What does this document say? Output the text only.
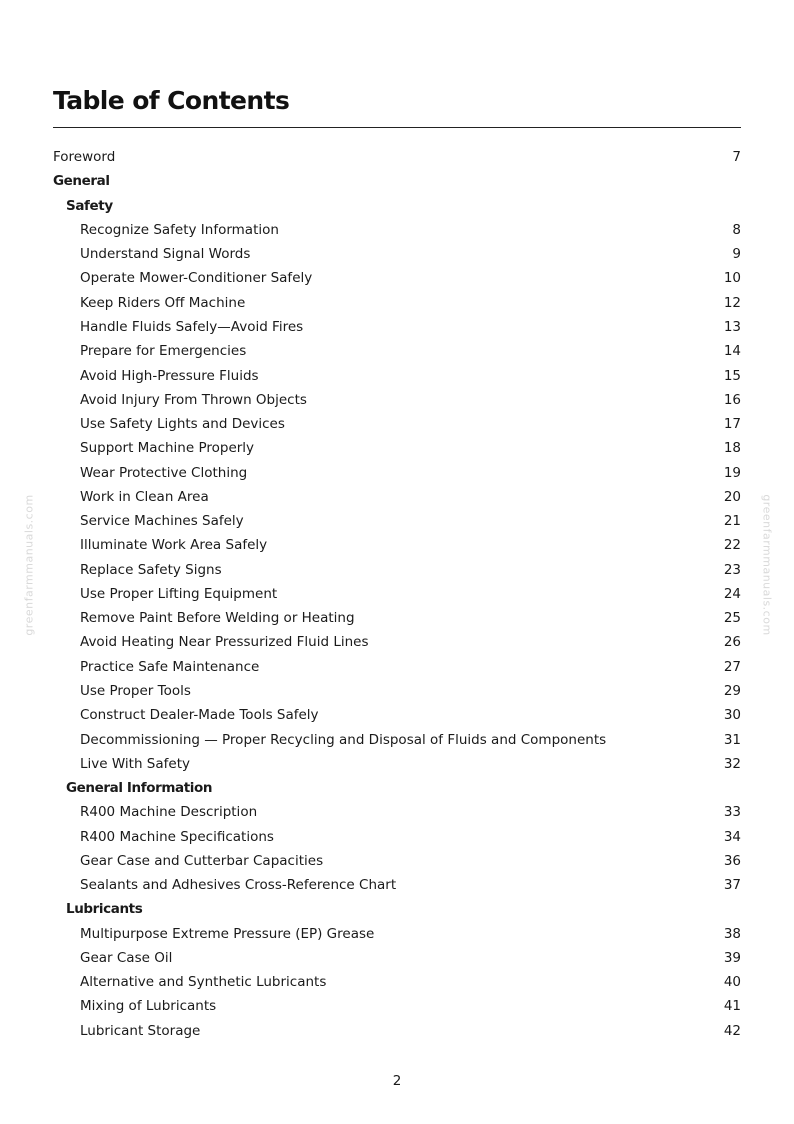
Table of Contents
Foreword	7
General
Safety
Recognize Safety Information	8
Understand Signal Words	9
Operate Mower-Conditioner Safely	10
Keep Riders Off Machine	12
Handle Fluids Safely—Avoid Fires	13
Prepare for Emergencies	14
Avoid High-Pressure Fluids	15
Avoid Injury From Thrown Objects	16
Use Safety Lights and Devices	17
Support Machine Properly	18
Wear Protective Clothing	19
Work in Clean Area	20
Service Machines Safely	21
Illuminate Work Area Safely	22
Replace Safety Signs	23
Use Proper Lifting Equipment	24
Remove Paint Before Welding or Heating	25
Avoid Heating Near Pressurized Fluid Lines	26
Practice Safe Maintenance	27
Use Proper Tools	29
Construct Dealer-Made Tools Safely	30
Decommissioning — Proper Recycling and Disposal of Fluids and Components	31
Live With Safety	32
General Information
R400 Machine Description	33
R400 Machine Specifications	34
Gear Case and Cutterbar Capacities	36
Sealants and Adhesives Cross-Reference Chart	37
Lubricants
Multipurpose Extreme Pressure (EP) Grease	38
Gear Case Oil	39
Alternative and Synthetic Lubricants	40
Mixing of Lubricants	41
Lubricant Storage	42
2
greenfarmmanuals.com	greenfarmmanuals.com
